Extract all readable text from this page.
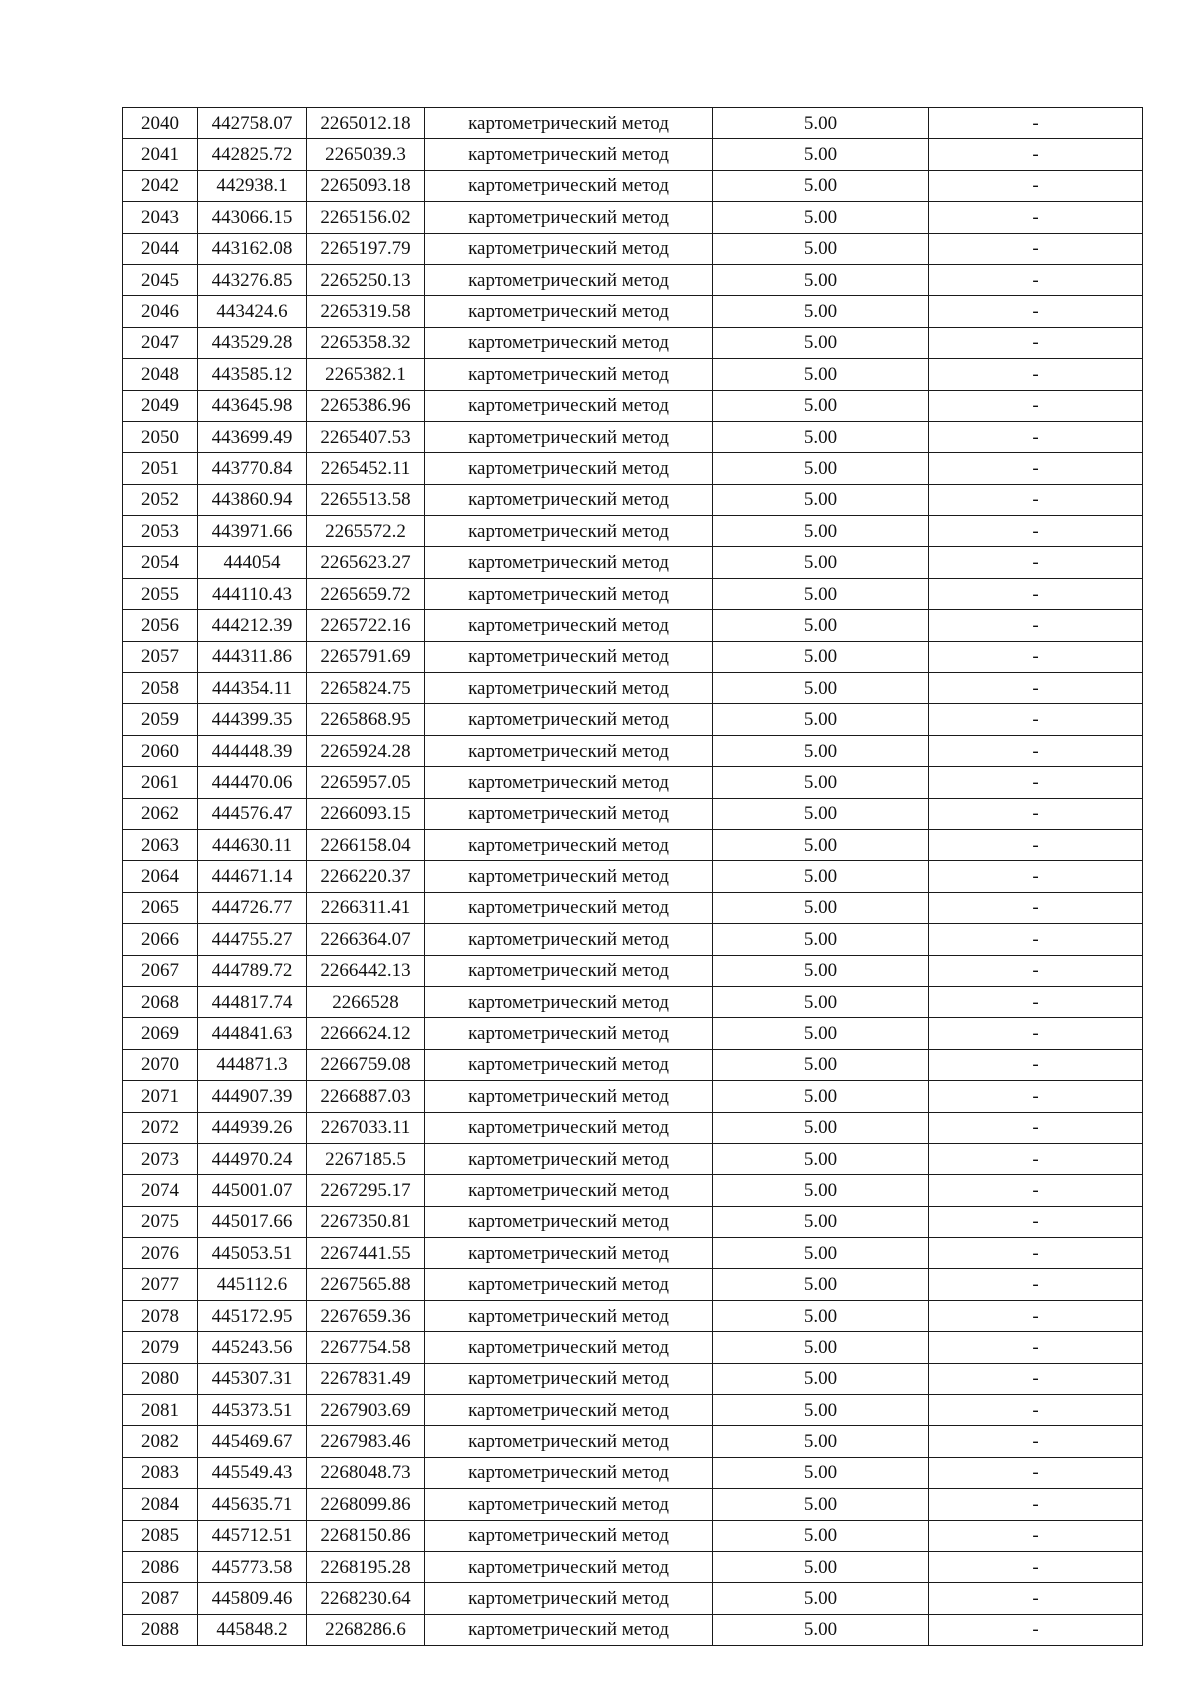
2040	442758.07	2265012.18	картометрический метод	5.00	-
2041	442825.72	2265039.3	картометрический метод	5.00	-
2042	442938.1	2265093.18	картометрический метод	5.00	-
2043	443066.15	2265156.02	картометрический метод	5.00	-
2044	443162.08	2265197.79	картометрический метод	5.00	-
2045	443276.85	2265250.13	картометрический метод	5.00	-
2046	443424.6	2265319.58	картометрический метод	5.00	-
2047	443529.28	2265358.32	картометрический метод	5.00	-
2048	443585.12	2265382.1	картометрический метод	5.00	-
2049	443645.98	2265386.96	картометрический метод	5.00	-
2050	443699.49	2265407.53	картометрический метод	5.00	-
2051	443770.84	2265452.11	картометрический метод	5.00	-
2052	443860.94	2265513.58	картометрический метод	5.00	-
2053	443971.66	2265572.2	картометрический метод	5.00	-
2054	444054	2265623.27	картометрический метод	5.00	-
2055	444110.43	2265659.72	картометрический метод	5.00	-
2056	444212.39	2265722.16	картометрический метод	5.00	-
2057	444311.86	2265791.69	картометрический метод	5.00	-
2058	444354.11	2265824.75	картометрический метод	5.00	-
2059	444399.35	2265868.95	картометрический метод	5.00	-
2060	444448.39	2265924.28	картометрический метод	5.00	-
2061	444470.06	2265957.05	картометрический метод	5.00	-
2062	444576.47	2266093.15	картометрический метод	5.00	-
2063	444630.11	2266158.04	картометрический метод	5.00	-
2064	444671.14	2266220.37	картометрический метод	5.00	-
2065	444726.77	2266311.41	картометрический метод	5.00	-
2066	444755.27	2266364.07	картометрический метод	5.00	-
2067	444789.72	2266442.13	картометрический метод	5.00	-
2068	444817.74	2266528	картометрический метод	5.00	-
2069	444841.63	2266624.12	картометрический метод	5.00	-
2070	444871.3	2266759.08	картометрический метод	5.00	-
2071	444907.39	2266887.03	картометрический метод	5.00	-
2072	444939.26	2267033.11	картометрический метод	5.00	-
2073	444970.24	2267185.5	картометрический метод	5.00	-
2074	445001.07	2267295.17	картометрический метод	5.00	-
2075	445017.66	2267350.81	картометрический метод	5.00	-
2076	445053.51	2267441.55	картометрический метод	5.00	-
2077	445112.6	2267565.88	картометрический метод	5.00	-
2078	445172.95	2267659.36	картометрический метод	5.00	-
2079	445243.56	2267754.58	картометрический метод	5.00	-
2080	445307.31	2267831.49	картометрический метод	5.00	-
2081	445373.51	2267903.69	картометрический метод	5.00	-
2082	445469.67	2267983.46	картометрический метод	5.00	-
2083	445549.43	2268048.73	картометрический метод	5.00	-
2084	445635.71	2268099.86	картометрический метод	5.00	-
2085	445712.51	2268150.86	картометрический метод	5.00	-
2086	445773.58	2268195.28	картометрический метод	5.00	-
2087	445809.46	2268230.64	картометрический метод	5.00	-
2088	445848.2	2268286.6	картометрический метод	5.00	-
